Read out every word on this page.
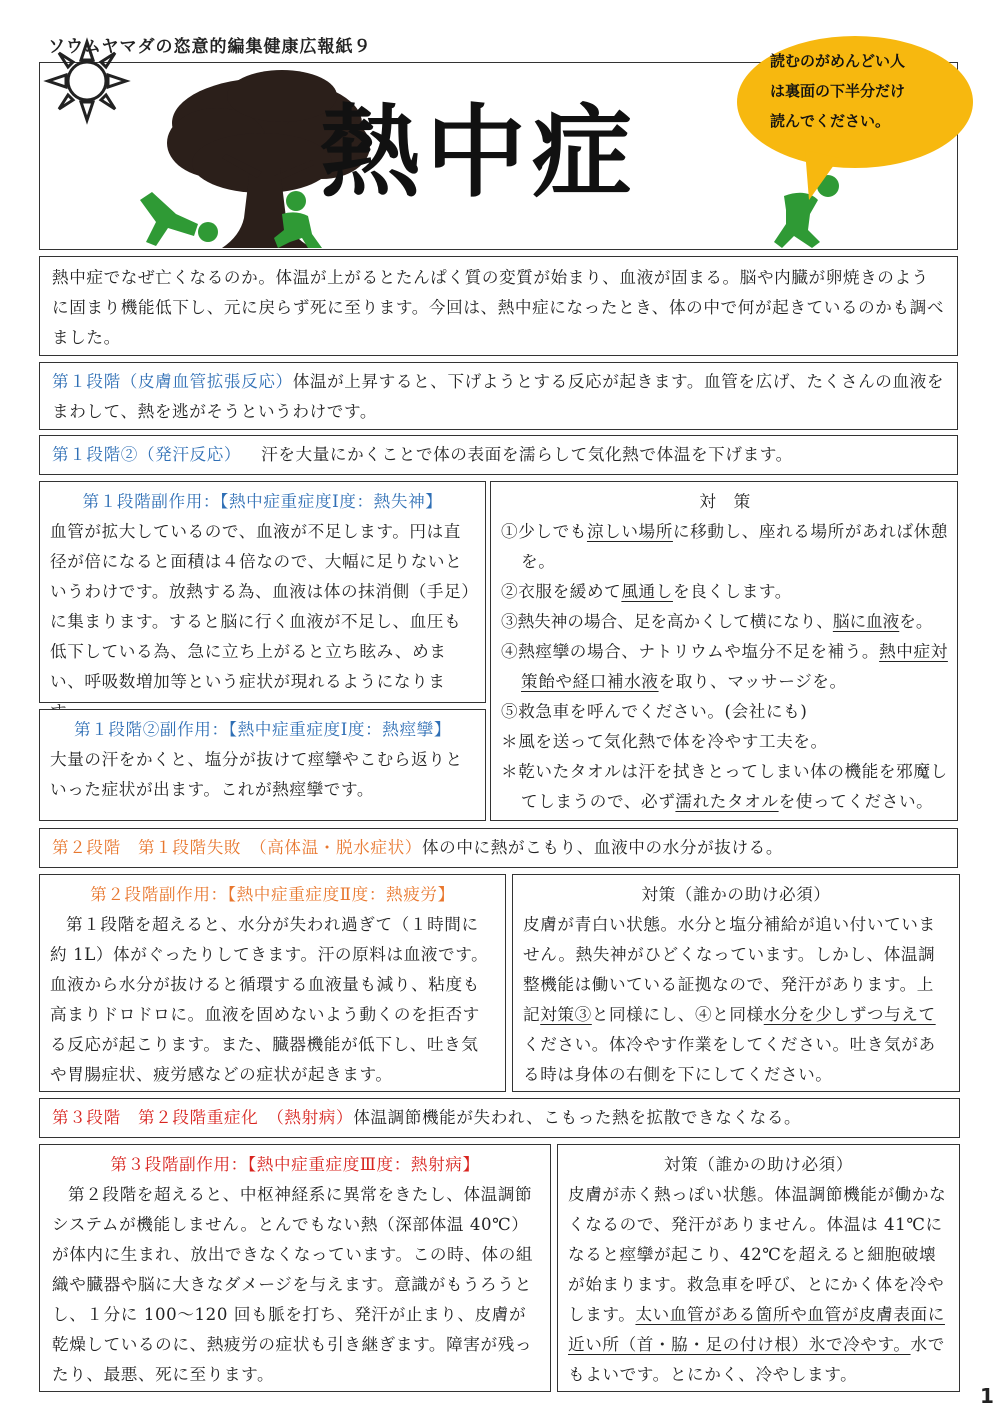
ソウムヤマダの恣意的編集健康広報紙９
熱中症
読むのがめんどい人
は裏面の下半分だけ
読んでください。

熱中症でなぜ亡くなるのか。体温が上がるとたんぱく質の変質が始まり、血液が固まる。脳や内臓が卵焼きのように固まり機能低下し、元に戻らず死に至ります。今回は、熱中症になったとき、体の中で何が起きているのかも調べました。

第１段階（皮膚血管拡張反応）体温が上昇すると、下げようとする反応が起きます。血管を広げ、たくさんの血液をまわして、熱を逃がそうというわけです。
第１段階②（発汗反応） 汗を大量にかくことで体の表面を濡らして気化熱で体温を下げます。

第１段階副作用：【熱中症重症度Ⅰ度：熱失神】

血管が拡大しているので、血液が不足します。円は直径が倍になると面積は４倍なので、大幅に足りないというわけです。放熱する為、血液は体の抹消側（手足）に集まります。すると脳に行く血液が不足し、血圧も低下している為、急に立ち上がると立ち眩み、めまい、呼吸数増加等という症状が現れるようになりま

第１段階②副作用：【熱中症重症度Ⅰ度：熱痙攣】

大量の汗をかくと、塩分が抜けて痙攣やこむら返りといった症状が出ます。これが熱痙攣です。

対　策

①少しでも涼しい場所に移動し、座れる場所があれば休憩を。

②衣服を緩めて風通しを良くします。

③熱失神の場合、足を高かくして横になり、脳に血液を。

④熱痙攣の場合、ナトリウムや塩分不足を補う。熱中症対策飴や経口補水液を取り、マッサージを。

⑤救急車を呼んでください。(会社にも)

＊風を送って気化熱で体を冷やす工夫を。

＊乾いたタオルは汗を拭きとってしまい体の機能を邪魔してしまうので、必ず濡れたタオルを使ってください。

第２段階　第１段階失敗　（高体温・脱水症状）体の中に熱がこもり、血液中の水分が抜ける。

第２段階副作用：【熱中症重症度Ⅱ度：熱疲労】

第１段階を超えると、水分が失われ過ぎて（１時間に約 1L）体がぐったりしてきます。汗の原料は血液です。血液から水分が抜けると循環する血液量も減り、粘度も高まりドロドロに。血液を固めないよう動くのを拒否する反応が起こります。また、臓器機能が低下し、吐き気や胃腸症状、疲労感などの症状が起きます。

対策（誰かの助け必須）

皮膚が青白い状態。水分と塩分補給が追い付いていません。熱失神がひどくなっています。しかし、体温調整機能は働いている証拠なので、発汗があります。上記対策③と同様にし、④と同様水分を少しずつ与えてください。体冷やす作業をしてください。吐き気がある時は身体の右側を下にしてください。

第３段階　第２段階重症化　（熱射病）体温調節機能が失われ、こもった熱を拡散できなくなる。

第３段階副作用：【熱中症重症度Ⅲ度：熱射病】

第２段階を超えると、中枢神経系に異常をきたし、体温調節システムが機能しません。とんでもない熱（深部体温 40℃）が体内に生まれ、放出できなくなっています。この時、体の組織や臓器や脳に大きなダメージを与えます。意識がもうろうとし、１分に 100〜120 回も脈を打ち、発汗が止まり、皮膚が乾燥しているのに、熱疲労の症状も引き継ぎます。障害が残ったり、最悪、死に至ります。

対策（誰かの助け必須）

皮膚が赤く熱っぽい状態。体温調節機能が働かなくなるので、発汗がありません。体温は 41℃になると痙攣が起こり、42℃を超えると細胞破壊が始まります。救急車を呼び、とにかく体を冷やします。太い血管がある箇所や血管が皮膚表面に近い所（首・脇・足の付け根）氷で冷やす。水でもよいです。とにかく、冷やします。

1
